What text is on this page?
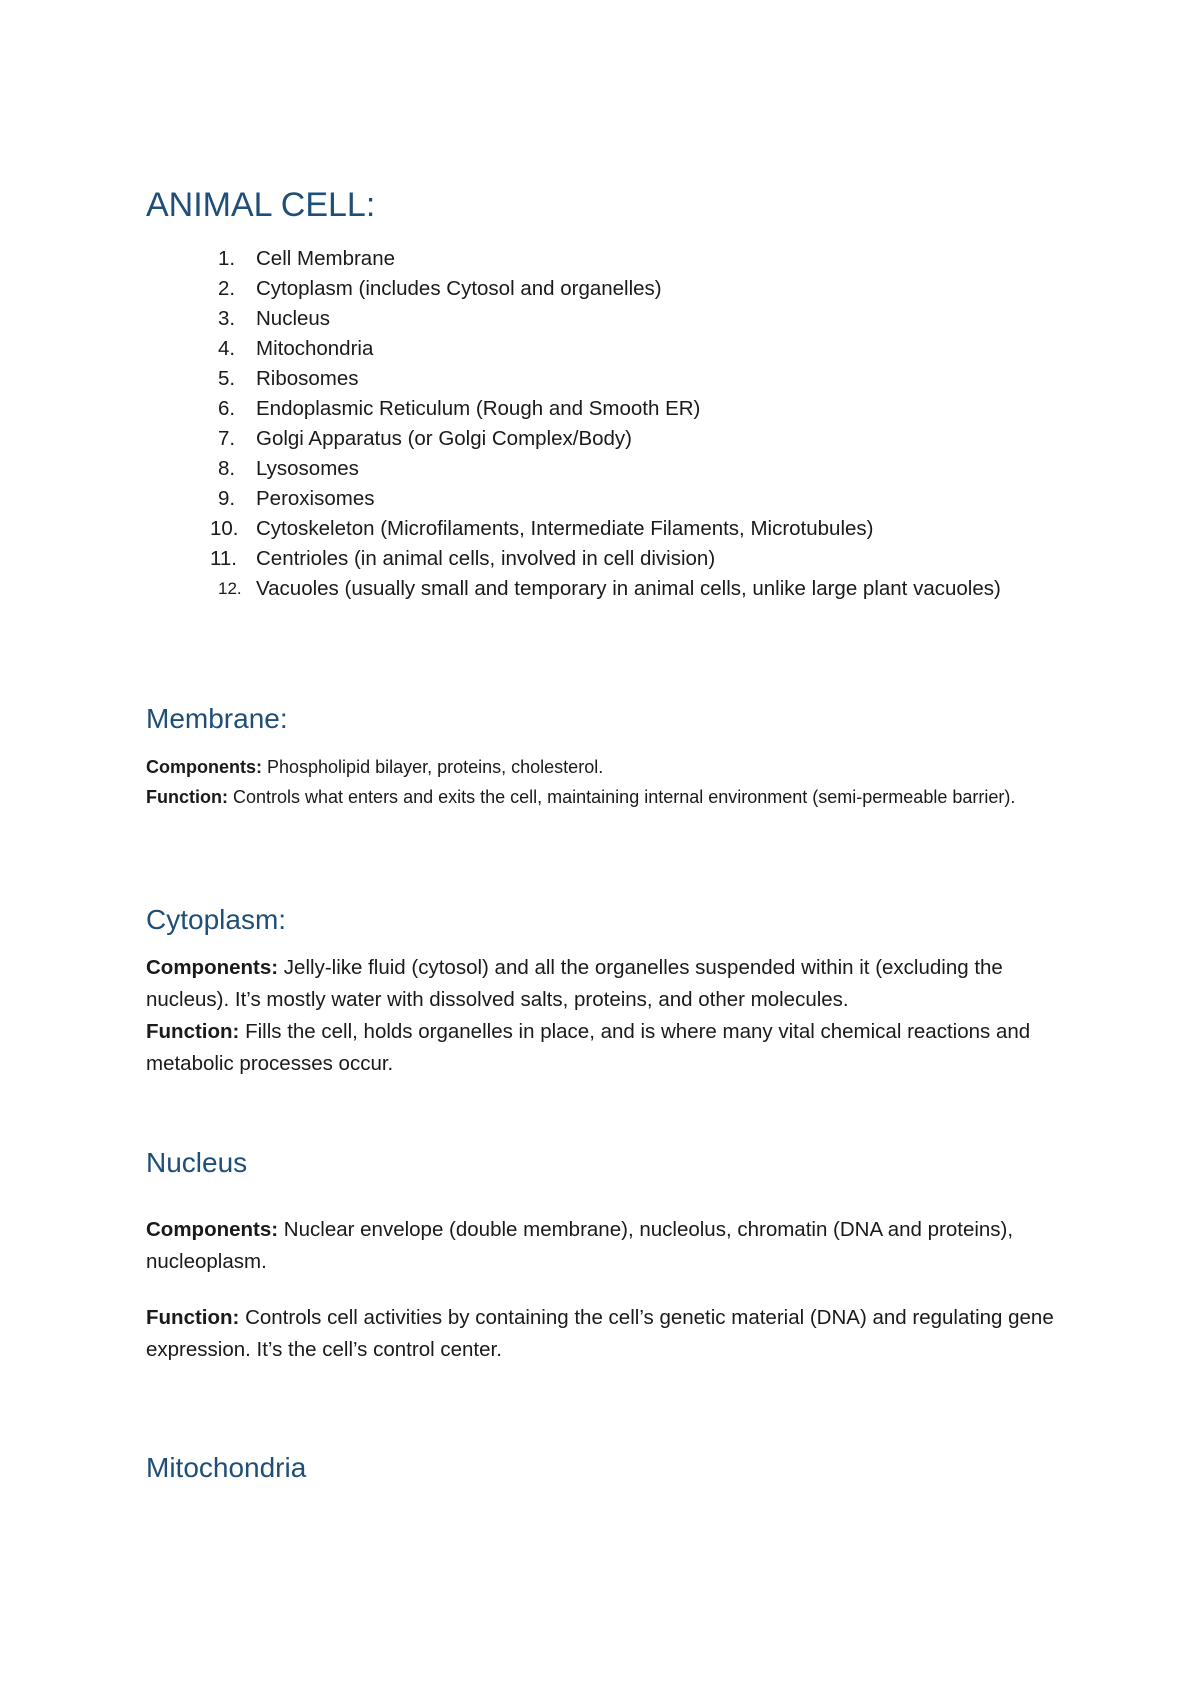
ANIMAL CELL:
1.	Cell Membrane
2.	Cytoplasm (includes Cytosol and organelles)
3.	Nucleus
4.	Mitochondria
5.	Ribosomes
6.	Endoplasmic Reticulum (Rough and Smooth ER)
7.	Golgi Apparatus (or Golgi Complex/Body)
8.	Lysosomes
9.	Peroxisomes
10. Cytoskeleton (Microfilaments, Intermediate Filaments, Microtubules)
11. Centrioles (in animal cells, involved in cell division)
12. Vacuoles (usually small and temporary in animal cells, unlike large plant vacuoles)
Membrane:

Components: Phospholipid bilayer, proteins, cholesterol.

Function: Controls what enters and exits the cell, maintaining internal environment (semi-permeable barrier).

Cytoplasm:

Components: Jelly-like fluid (cytosol) and all the organelles suspended within it (excluding the nucleus). It’s mostly water with dissolved salts, proteins, and other molecules.

Function: Fills the cell, holds organelles in place, and is where many vital chemical reactions and metabolic processes occur.

Nucleus

Components: Nuclear envelope (double membrane), nucleolus, chromatin (DNA and proteins), nucleoplasm.

Function: Controls cell activities by containing the cell’s genetic material (DNA) and regulating gene expression. It’s the cell’s control center.

Mitochondria
